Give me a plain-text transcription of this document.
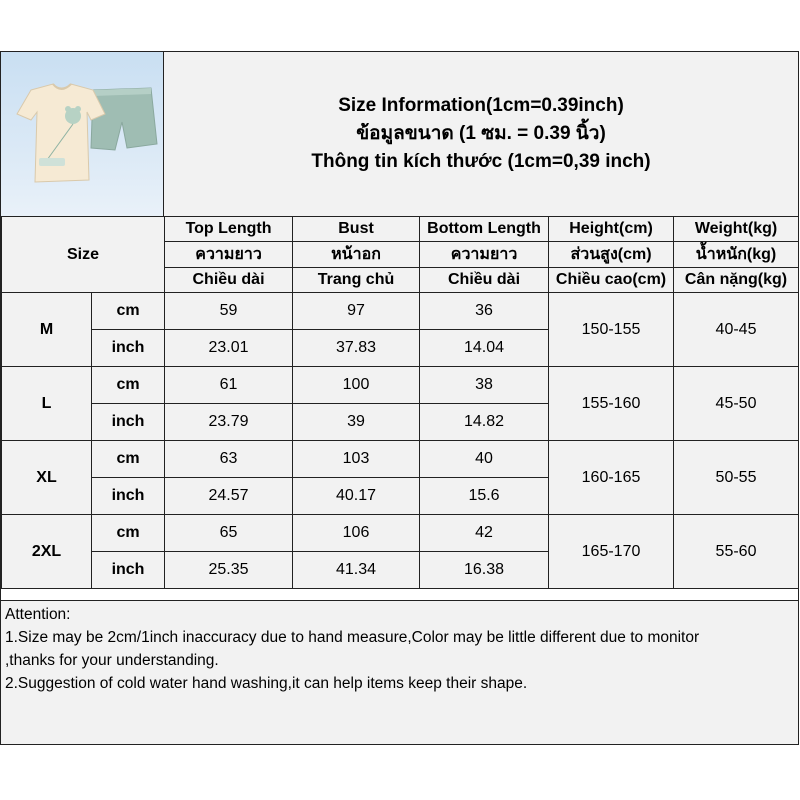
Size Information(1cm=0.39inch)
ข้อมูลขนาด (1 ซม. = 0.39 นิ้ว)
Thông tin kích thước (1cm=0,39 inch)
Size		Top Length	Bust	Bottom Length	Height(cm)	Weight(kg)
		ความยาว	หน้าอก	ความยาว	ส่วนสูง(cm)	น้ำหนัก(kg)
		Chiều dài	Trang chủ	Chiều dài	Chiều cao(cm)	Cân nặng(kg)
M	cm	59	97	36	150-155	40-45
	inch	23.01	37.83	14.04		
L	cm	61	100	38	155-160	45-50
	inch	23.79	39	14.82		
XL	cm	63	103	40	160-165	50-55
	inch	24.57	40.17	15.6		
2XL	cm	65	106	42	165-170	55-60
	inch	25.35	41.34	16.38		
Attention:
1.Size may be 2cm/1inch inaccuracy due to hand measure,Color may be little different due to monitor
,thanks for your understanding.
2.Suggestion of cold water hand washing,it can help items keep their shape.
